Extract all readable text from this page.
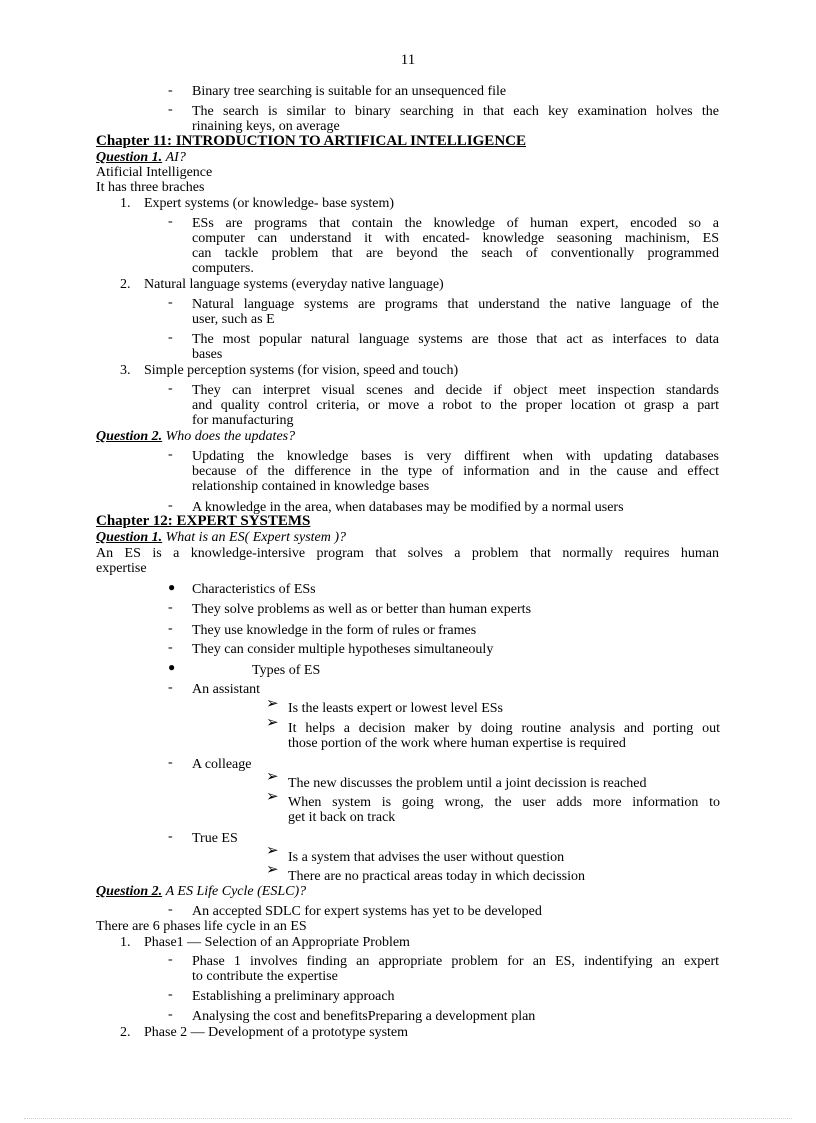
11
- Binary tree searching is suitable for an unsequenced file
- The search is similar to binary searching in that each key examination holves the
rinaining keys, on average
Chapter 11: INTRODUCTION TO ARTIFICAL INTELLIGENCE
Question 1. AI?
Atificial Intelligence
It has three braches
1. Expert systems (or knowledge- base system)
- ESs are programs that contain the knowledge of human expert, encoded so a
computer can understand it with encated- knowledge seasoning machinism, ES
can tackle problem that are beyond the seach of conventionally programmed
computers.
2. Natural language systems (everyday native language)
- Natural language systems are programs that understand the native language of the
user, such as E
- The most popular natural language systems are those that act as interfaces to data
bases
3. Simple perception systems (for vision, speed and touch)
- They can interpret visual scenes and decide if object meet inspection standards
and quality control criteria, or move a robot to the proper location ot grasp a part
for manufacturing
Question 2. Who does the updates?
- Updating the knowledge bases is very diffirent when with updating databases
because of the difference in the type of information and in the cause and effect
relationship contained in knowledge bases
- A knowledge in the area, when databases may be modified by a normal users
Chapter 12: EXPERT SYSTEMS
Question 1. What is an ES( Expert system )?
An ES is a knowledge-intersive program that solves a problem that normally requires human
expertise
● Characteristics of ESs
- They solve problems as well as or better than human experts
- They use knowledge in the form of rules or frames
- They can consider multiple hypotheses simultaneouly
●	Types of ES
- An assistant
➢ Is the leasts expert or lowest level ESs
➢ It helps a decision maker by doing routine analysis and porting out
those portion of the work where human expertise is required
- A colleage
➢ The new discusses the problem until a joint decission is reached
➢ When system is going wrong, the user adds more information to
get it back on track
- True ES
➢ Is a system that advises the user without question
➢ There are no practical areas today in which decission
Question 2. A ES Life Cycle (ESLC)?
- An accepted SDLC for expert systems has yet to be developed
There are 6 phases life cycle in an ES
1. Phase1 — Selection of an Appropriate Problem
- Phase 1 involves finding an appropriate problem for an ES, indentifying an expert
to contribute the expertise
- Establishing a preliminary approach
- Analysing the cost and benefitsPreparing a development plan
2. Phase 2 — Development of a prototype system
